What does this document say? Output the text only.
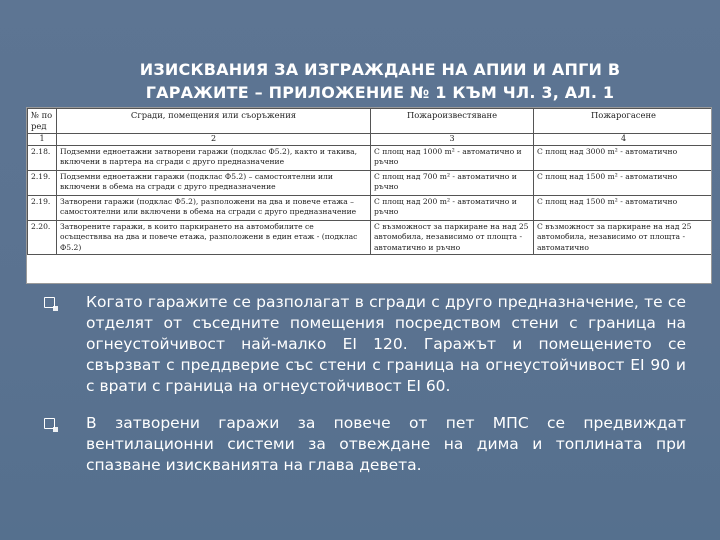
ИЗИСКВАНИЯ ЗА ИЗГРАЖДАНЕ НА АПИИ И АПГИ В
ГАРАЖИТЕ – ПРИЛОЖЕНИЕ № 1 КЪМ ЧЛ. 3, АЛ. 1
№ по ред	Сгради, помещения или съоръжения	Пожароизвестяване	Пожарогасене
1	2	3	4
2.18.	Подземни едноетажни затворени гаражи (подклас Ф5.2), както и такива, включени в партера на сгради с друго предназначение	С площ над 1000 m² - автоматично и ръчно	С площ над 3000 m² - автоматично
2.19.	Подземни едноетажни гаражи (подклас Ф5.2) – самостоятелни или включени в обема на сгради с друго предназначение	С площ над 700 m² - автоматично и ръчно	С площ над 1500 m² - автоматично
2.19.	Затворени гаражи (подклас Ф5.2), разположени на два и повече етажа – самостоятелни или включени в обема на сгради с друго предназначение	С площ над 200 m² - автоматично и ръчно	С площ над 1500 m² - автоматично
2.20.	Затворените гаражи, в които паркирането на автомобилите се осъществява на два и повече етажа, разположени в един етаж - (подклас Ф5.2)	С възможност за паркиране на над 25 автомобила, независимо от площта - автоматично и ръчно	С възможност за паркиране на над 25 автомобила, независимо от площта - автоматично
Когато гаражите се разполагат в сгради с друго предназначение, те се отделят от съседните помещения посредством стени с граница на огнеустойчивост най-малко EI 120. Гаражът и помещението се свързват с преддверие със стени с граница на огнеустойчивост EI 90 и с врати с граница на огнеустойчивост EI 60.
В затворени гаражи за повече от пет МПС се предвиждат вентилационни системи за отвеждане на дима и топлината при спазване изискванията на глава девета.
